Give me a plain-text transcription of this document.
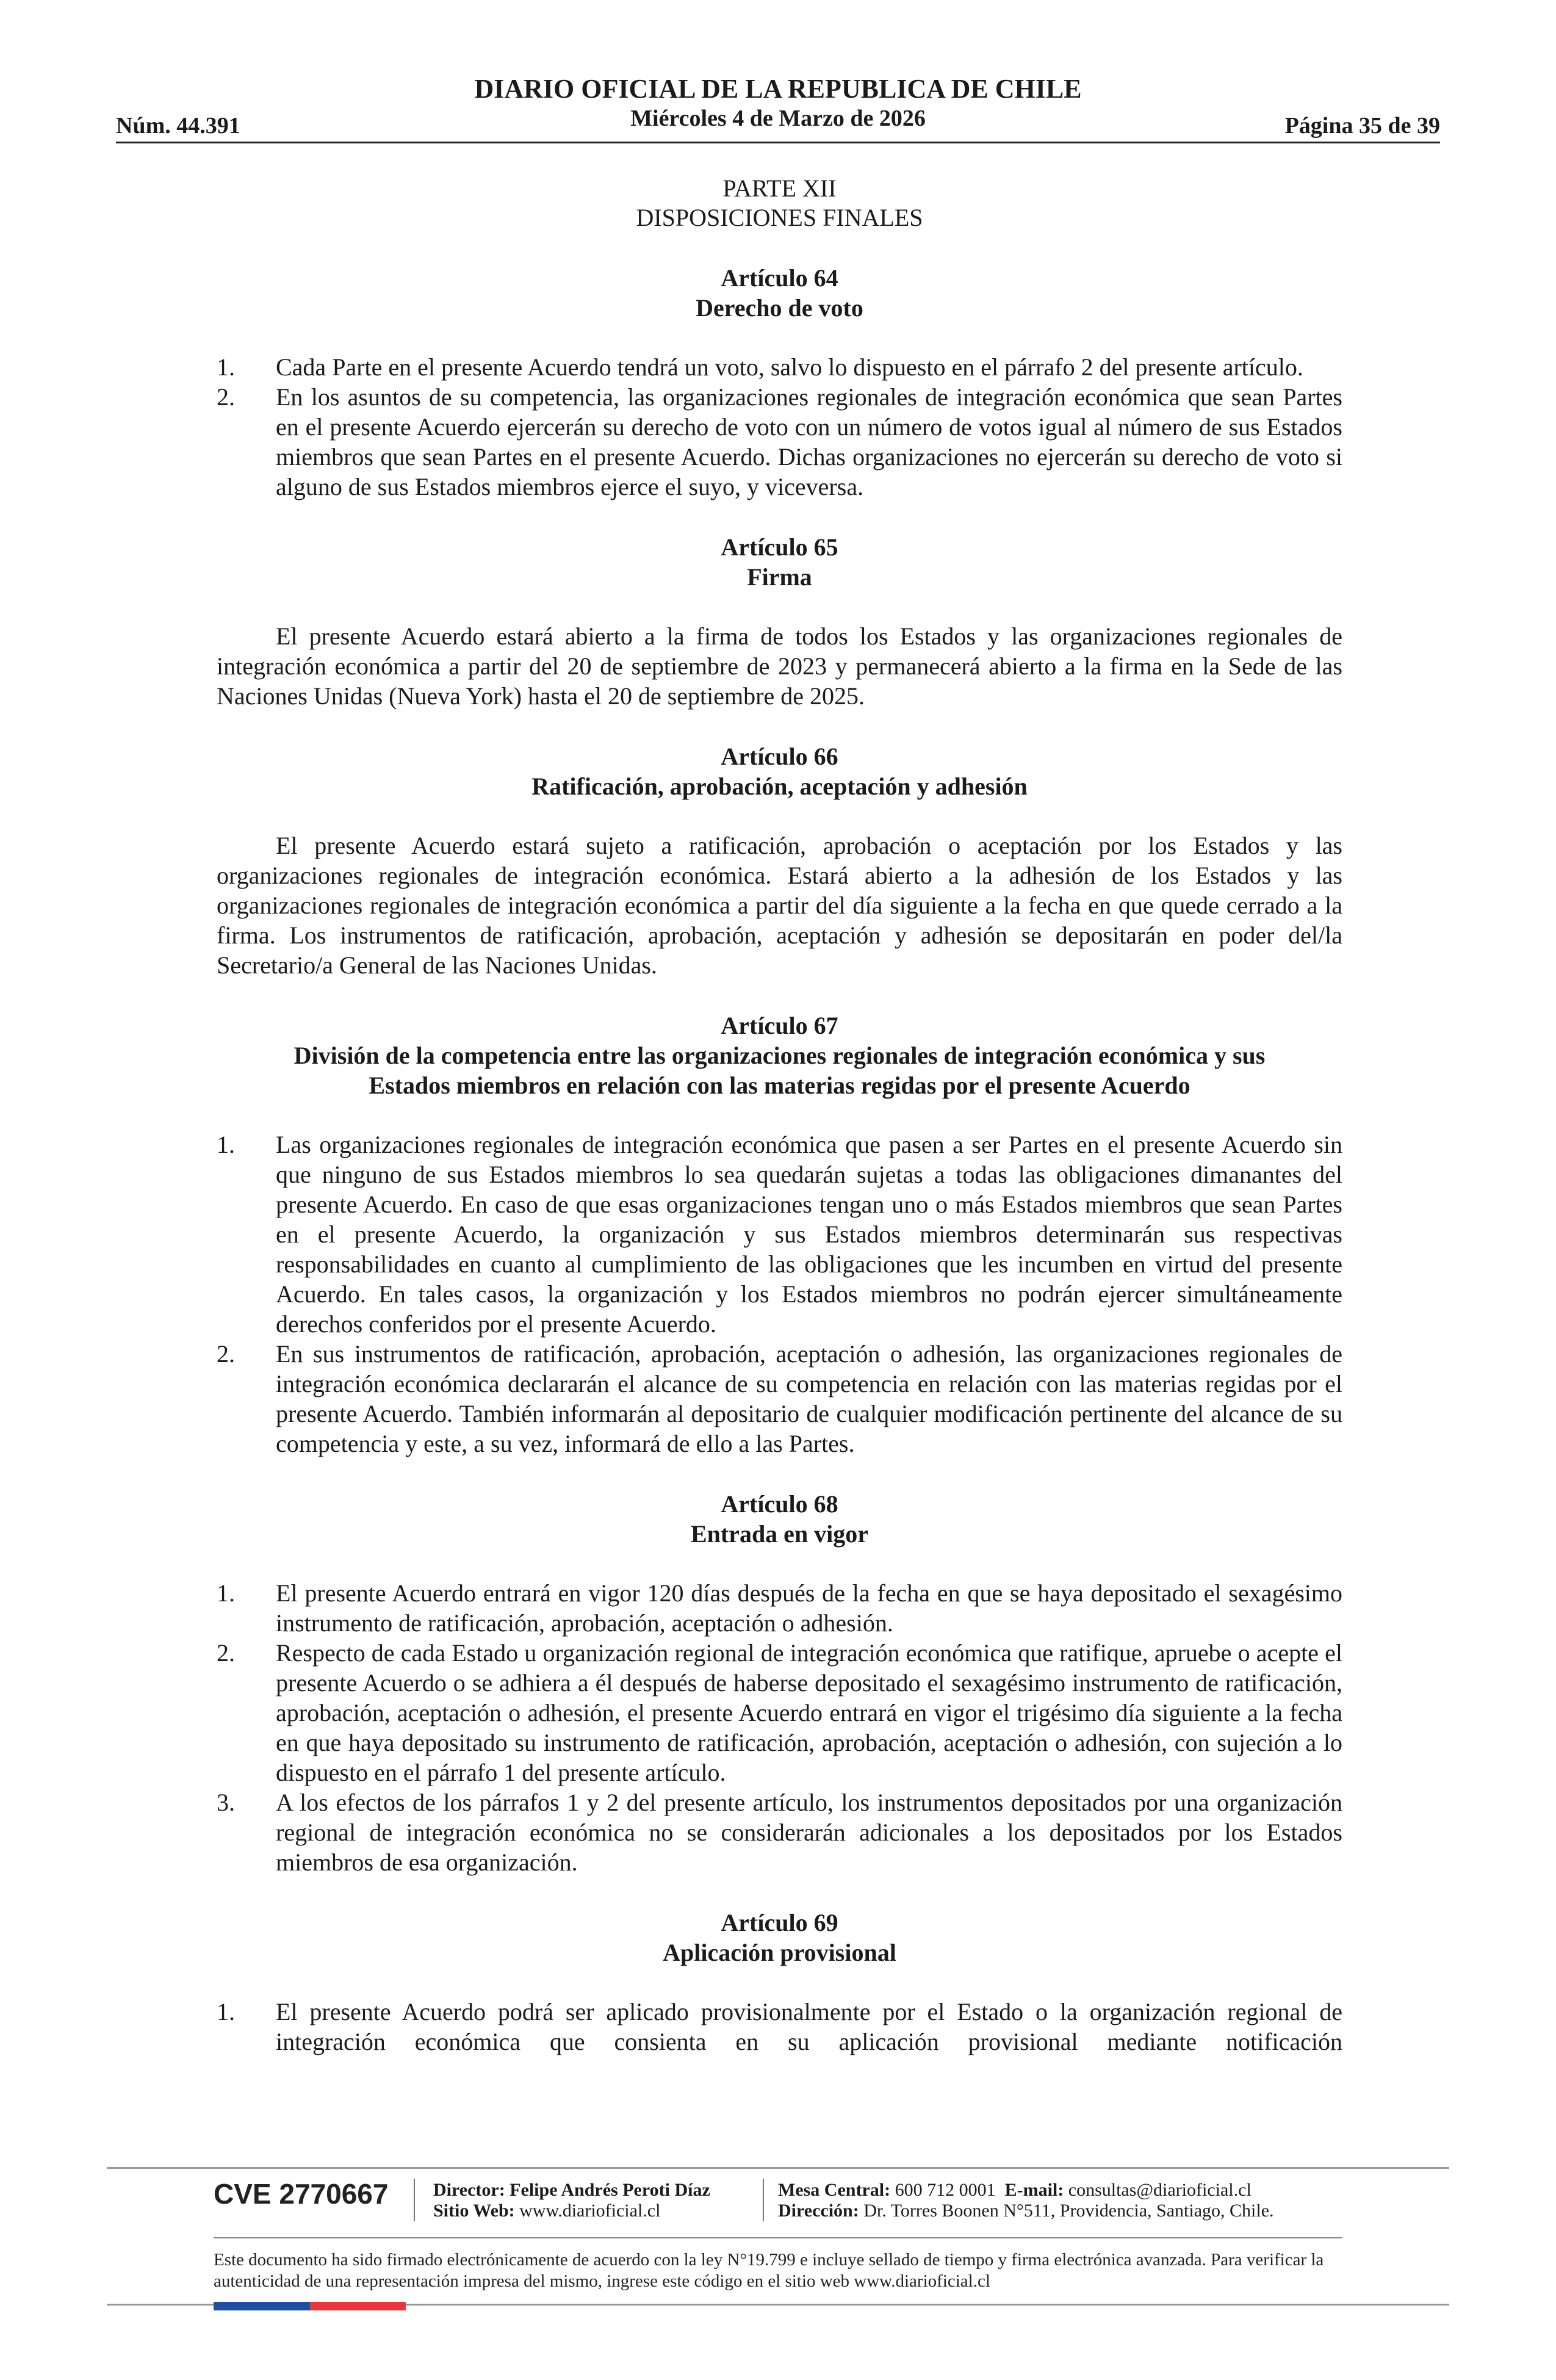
Núm. 44.391
DIARIO OFICIAL DE LA REPUBLICA DE CHILE
Miércoles 4 de Marzo de 2026	Página 35 de 39
PARTE XII
DISPOSICIONES FINALES
Artículo 64
Derecho de voto
1.	Cada Parte en el presente Acuerdo tendrá un voto, salvo lo dispuesto en el párrafo 2 del presente artículo.
2.	En los asuntos de su competencia, las organizaciones regionales de integración económica que sean Partes en el presente Acuerdo ejercerán su derecho de voto con un número de votos igual al número de sus Estados miembros que sean Partes en el presente Acuerdo. Dichas organizaciones no ejercerán su derecho de voto si alguno de sus Estados miembros ejerce el suyo, y viceversa.
Artículo 65
Firma

El presente Acuerdo estará abierto a la firma de todos los Estados y las organizaciones regionales de integración económica a partir del 20 de septiembre de 2023 y permanecerá abierto a la firma en la Sede de las Naciones Unidas (Nueva York) hasta el 20 de septiembre de 2025.

Artículo 66
Ratificación, aprobación, aceptación y adhesión

El presente Acuerdo estará sujeto a ratificación, aprobación o aceptación por los Estados y las organizaciones regionales de integración económica. Estará abierto a la adhesión de los Estados y las organizaciones regionales de integración económica a partir del día siguiente a la fecha en que quede cerrado a la firma. Los instrumentos de ratificación, aprobación, aceptación y adhesión se depositarán en poder del/la Secretario/a General de las Naciones Unidas.

Artículo 67
División de la competencia entre las organizaciones regionales de integración económica y sus
Estados miembros en relación con las materias regidas por el presente Acuerdo
1.	Las organizaciones regionales de integración económica que pasen a ser Partes en el presente Acuerdo sin que ninguno de sus Estados miembros lo sea quedarán sujetas a todas las obligaciones dimanantes del presente Acuerdo. En caso de que esas organizaciones tengan uno o más Estados miembros que sean Partes en el presente Acuerdo, la organización y sus Estados miembros determinarán sus respectivas responsabilidades en cuanto al cumplimiento de las obligaciones que les incumben en virtud del presente Acuerdo. En tales casos, la organización y los Estados miembros no podrán ejercer simultáneamente derechos conferidos por el presente Acuerdo.
2.	En sus instrumentos de ratificación, aprobación, aceptación o adhesión, las organizaciones regionales de integración económica declararán el alcance de su competencia en relación con las materias regidas por el presente Acuerdo. También informarán al depositario de cualquier modificación pertinente del alcance de su competencia y este, a su vez, informará de ello a las Partes.
Artículo 68
Entrada en vigor
1.	El presente Acuerdo entrará en vigor 120 días después de la fecha en que se haya depositado el sexagésimo instrumento de ratificación, aprobación, aceptación o adhesión.
2.	Respecto de cada Estado u organización regional de integración económica que ratifique, apruebe o acepte el presente Acuerdo o se adhiera a él después de haberse depositado el sexagésimo instrumento de ratificación, aprobación, aceptación o adhesión, el presente Acuerdo entrará en vigor el trigésimo día siguiente a la fecha en que haya depositado su instrumento de ratificación, aprobación, aceptación o adhesión, con sujeción a lo dispuesto en el párrafo 1 del presente artículo.
3.	A los efectos de los párrafos 1 y 2 del presente artículo, los instrumentos depositados por una organización regional de integración económica no se considerarán adicionales a los depositados por los Estados miembros de esa organización.
Artículo 69
Aplicación provisional
1.	El presente Acuerdo podrá ser aplicado provisionalmente por el Estado o la organización regional de integración económica que consienta en su aplicación provisional mediante notificación
CVE 2770667 Director: Felipe Andrés Peroti Díaz
Sitio Web: www.diarioficial.cl
Mesa Central: 600 712 0001 E-mail: consultas@diarioficial.cl
Dirección: Dr. Torres Boonen N°511, Providencia, Santiago, Chile.
Este documento ha sido firmado electrónicamente de acuerdo con la ley N°19.799 e incluye sellado de tiempo y firma electrónica avanzada. Para verificar la autenticidad de una representación impresa del mismo, ingrese este código en el sitio web www.diarioficial.cl
